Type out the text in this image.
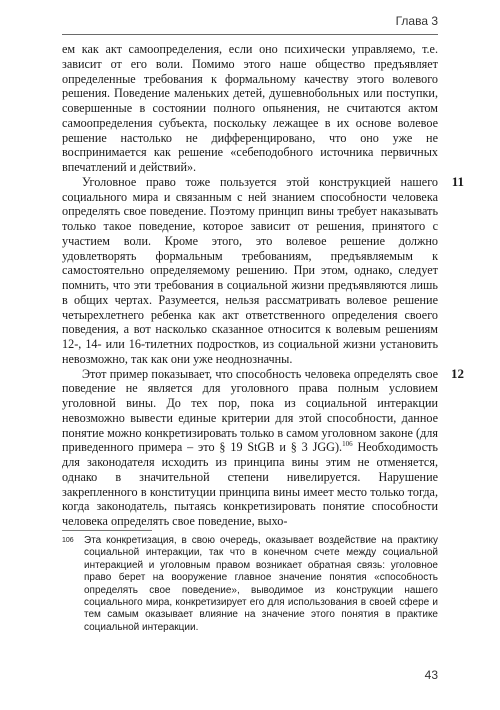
Глава 3

ем как акт самоопределения, если оно психически управляемо, т.е. зависит от его воли. Помимо этого наше общество предъявляет определенные требования к формальному качеству этого волевого решения. Поведение маленьких детей, душевнобольных или поступки, совершенные в состоянии полного опьянения, не считаются актом самоопределения субъекта, поскольку лежащее в их основе волевое решение настолько не дифференцировано, что оно уже не воспринимается как решение «себеподобного источника первичных впечатлений и действий».

11

Уголовное право тоже пользуется этой конструкцией нашего социального мира и связанным с ней знанием способности человека определять свое поведение. Поэтому принцип вины требует наказывать только такое поведение, которое зависит от решения, принятого с участием воли. Кроме этого, это волевое решение должно удовлетворять формальным требованиям, предъявляемым к самостоятельно определяемому решению. При этом, однако, следует помнить, что эти требования в социальной жизни предъявляются лишь в общих чертах. Разумеется, нельзя рассматривать волевое решение четырехлетнего ребенка как акт ответственного определения своего поведения, а вот насколько сказанное относится к волевым решениям 12-, 14- или 16-тилетних подростков, из социальной жизни установить невозможно, так как они уже неоднозначны.

12

Этот пример показывает, что способность человека определять свое поведение не является для уголовного права полным условием уголовной вины. До тех пор, пока из социальной интеракции невозможно вывести единые критерии для этой способности, данное понятие можно конкретизировать только в самом уголовном законе (для приведенного примера – это § 19 StGB и § 3 JGG).$^{106}$ Необходимость для законодателя исходить из принципа вины этим не отменяется, однако в значительной степени нивелируется. Нарушение закрепленного в конституции принципа вины имеет место только тогда, когда законодатель, пытаясь конкретизировать понятие способности человека определять свое поведение, выхо-

106	Эта конкретизация, в свою очередь, оказывает воздействие на практику социальной интеракции, так что в конечном счете между социальной интеракцией и уголовным правом возникает обратная связь: уголовное право берет на вооружение главное значение понятия «способность определять свое поведение», выводимое из конструкции нашего социального мира, конкретизирует его для использования в своей сфере и тем самым оказывает влияние на значение этого понятия в практике социальной интеракции.
43
